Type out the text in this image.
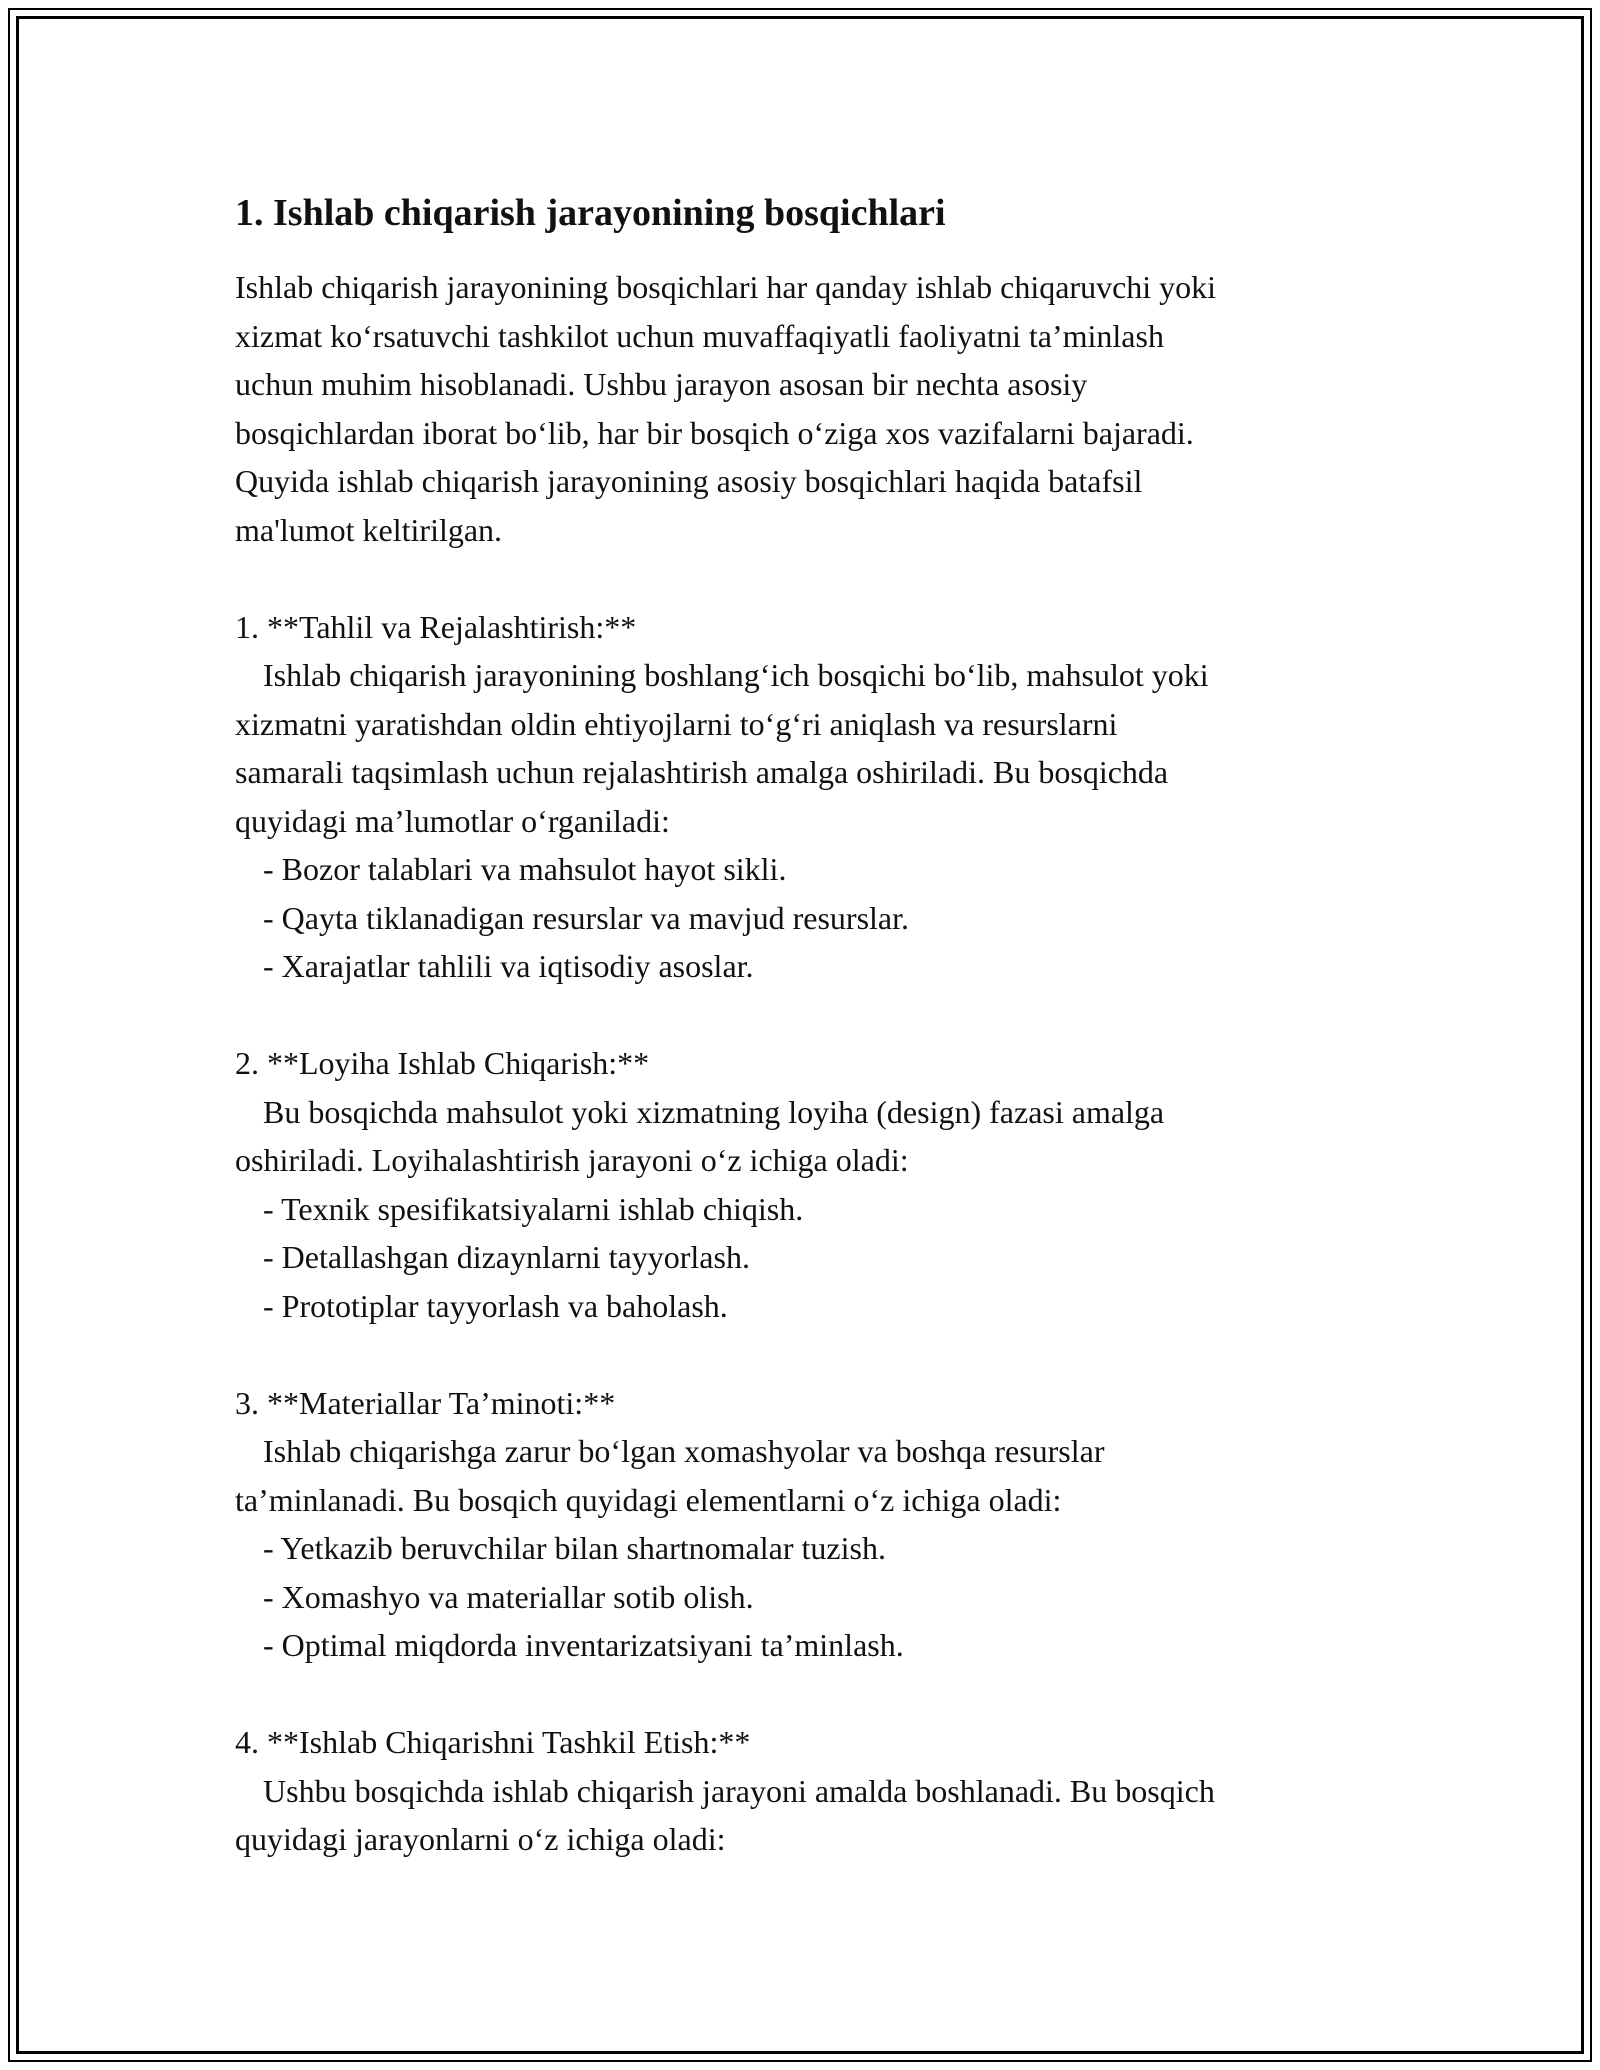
1. Ishlab chiqarish jarayonining bosqichlari
Ishlab chiqarish jarayonining bosqichlari har qanday ishlab chiqaruvchi yoki
xizmat ko‘rsatuvchi tashkilot uchun muvaffaqiyatli faoliyatni ta’minlash
uchun muhim hisoblanadi. Ushbu jarayon asosan bir nechta asosiy
bosqichlardan iborat bo‘lib, har bir bosqich o‘ziga xos vazifalarni bajaradi.
Quyida ishlab chiqarish jarayonining asosiy bosqichlari haqida batafsil
ma'lumot keltirilgan.
1. **Tahlil va Rejalashtirish:**
Ishlab chiqarish jarayonining boshlang‘ich bosqichi bo‘lib, mahsulot yoki
xizmatni yaratishdan oldin ehtiyojlarni to‘g‘ri aniqlash va resurslarni
samarali taqsimlash uchun rejalashtirish amalga oshiriladi. Bu bosqichda
quyidagi ma’lumotlar o‘rganiladi:
- Bozor talablari va mahsulot hayot sikli.
- Qayta tiklanadigan resurslar va mavjud resurslar.
- Xarajatlar tahlili va iqtisodiy asoslar.
2. **Loyiha Ishlab Chiqarish:**
Bu bosqichda mahsulot yoki xizmatning loyiha (design) fazasi amalga
oshiriladi. Loyihalashtirish jarayoni o‘z ichiga oladi:
- Texnik spesifikatsiyalarni ishlab chiqish.
- Detallashgan dizaynlarni tayyorlash.
- Prototiplar tayyorlash va baholash.
3. **Materiallar Ta’minoti:**
Ishlab chiqarishga zarur bo‘lgan xomashyolar va boshqa resurslar
ta’minlanadi. Bu bosqich quyidagi elementlarni o‘z ichiga oladi:
- Yetkazib beruvchilar bilan shartnomalar tuzish.
- Xomashyo va materiallar sotib olish.
- Optimal miqdorda inventarizatsiyani ta’minlash.
4. **Ishlab Chiqarishni Tashkil Etish:**
Ushbu bosqichda ishlab chiqarish jarayoni amalda boshlanadi. Bu bosqich
quyidagi jarayonlarni o‘z ichiga oladi:
